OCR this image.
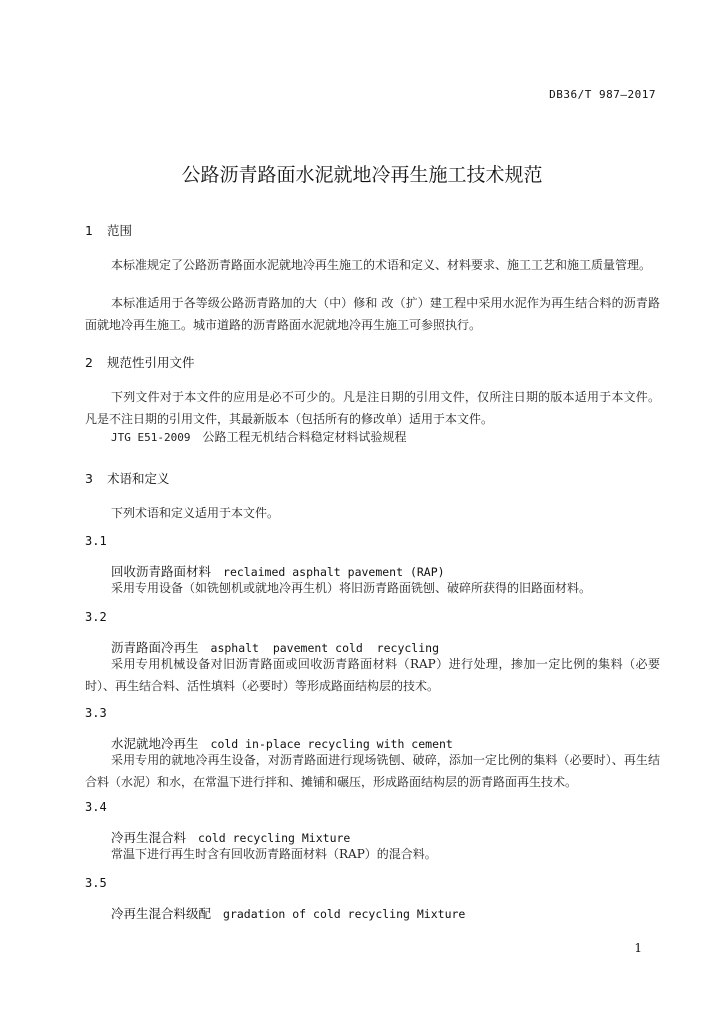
DB36/T 987—2017
公路沥青路面水泥就地冷再生施工技术规范
1 范围
本标准规定了公路沥青路面水泥就地冷再生施工的术语和定义、材料要求、施工工艺和施工质量管理。
本标准适用于各等级公路沥青路加的大（中）修和 改（扩）建工程中采用水泥作为再生结合料的沥青路面就地冷再生施工。城市道路的沥青路面水泥就地冷再生施工可参照执行。
2 规范性引用文件
下列文件对于本文件的应用是必不可少的。凡是注日期的引用文件，仅所注日期的版本适用于本文件。凡是不注日期的引用文件，其最新版本（包括所有的修改单）适用于本文件。
JTG E51-2009 公路工程无机结合料稳定材料试验规程
3 术语和定义
下列术语和定义适用于本文件。
3.1
回收沥青路面材料 reclaimed asphalt pavement (RAP)
采用专用设备（如铣刨机或就地冷再生机）将旧沥青路面铣刨、破碎所获得的旧路面材料。
3.2
沥青路面冷再生 asphalt  pavement cold  recycling
采用专用机械设备对旧沥青路面或回收沥青路面材料（RAP）进行处理，掺加一定比例的集料（必要时）、再生结合料、活性填料（必要时）等形成路面结构层的技术。
3.3
水泥就地冷再生 cold in-place recycling with cement
采用专用的就地冷再生设备，对沥青路面进行现场铣刨、破碎，添加一定比例的集料（必要时）、再生结合料（水泥）和水，在常温下进行拌和、摊铺和碾压，形成路面结构层的沥青路面再生技术。
3.4
冷再生混合料 cold recycling Mixture
常温下进行再生时含有回收沥青路面材料（RAP）的混合料。
3.5
冷再生混合料级配 gradation of cold recycling Mixture
1
